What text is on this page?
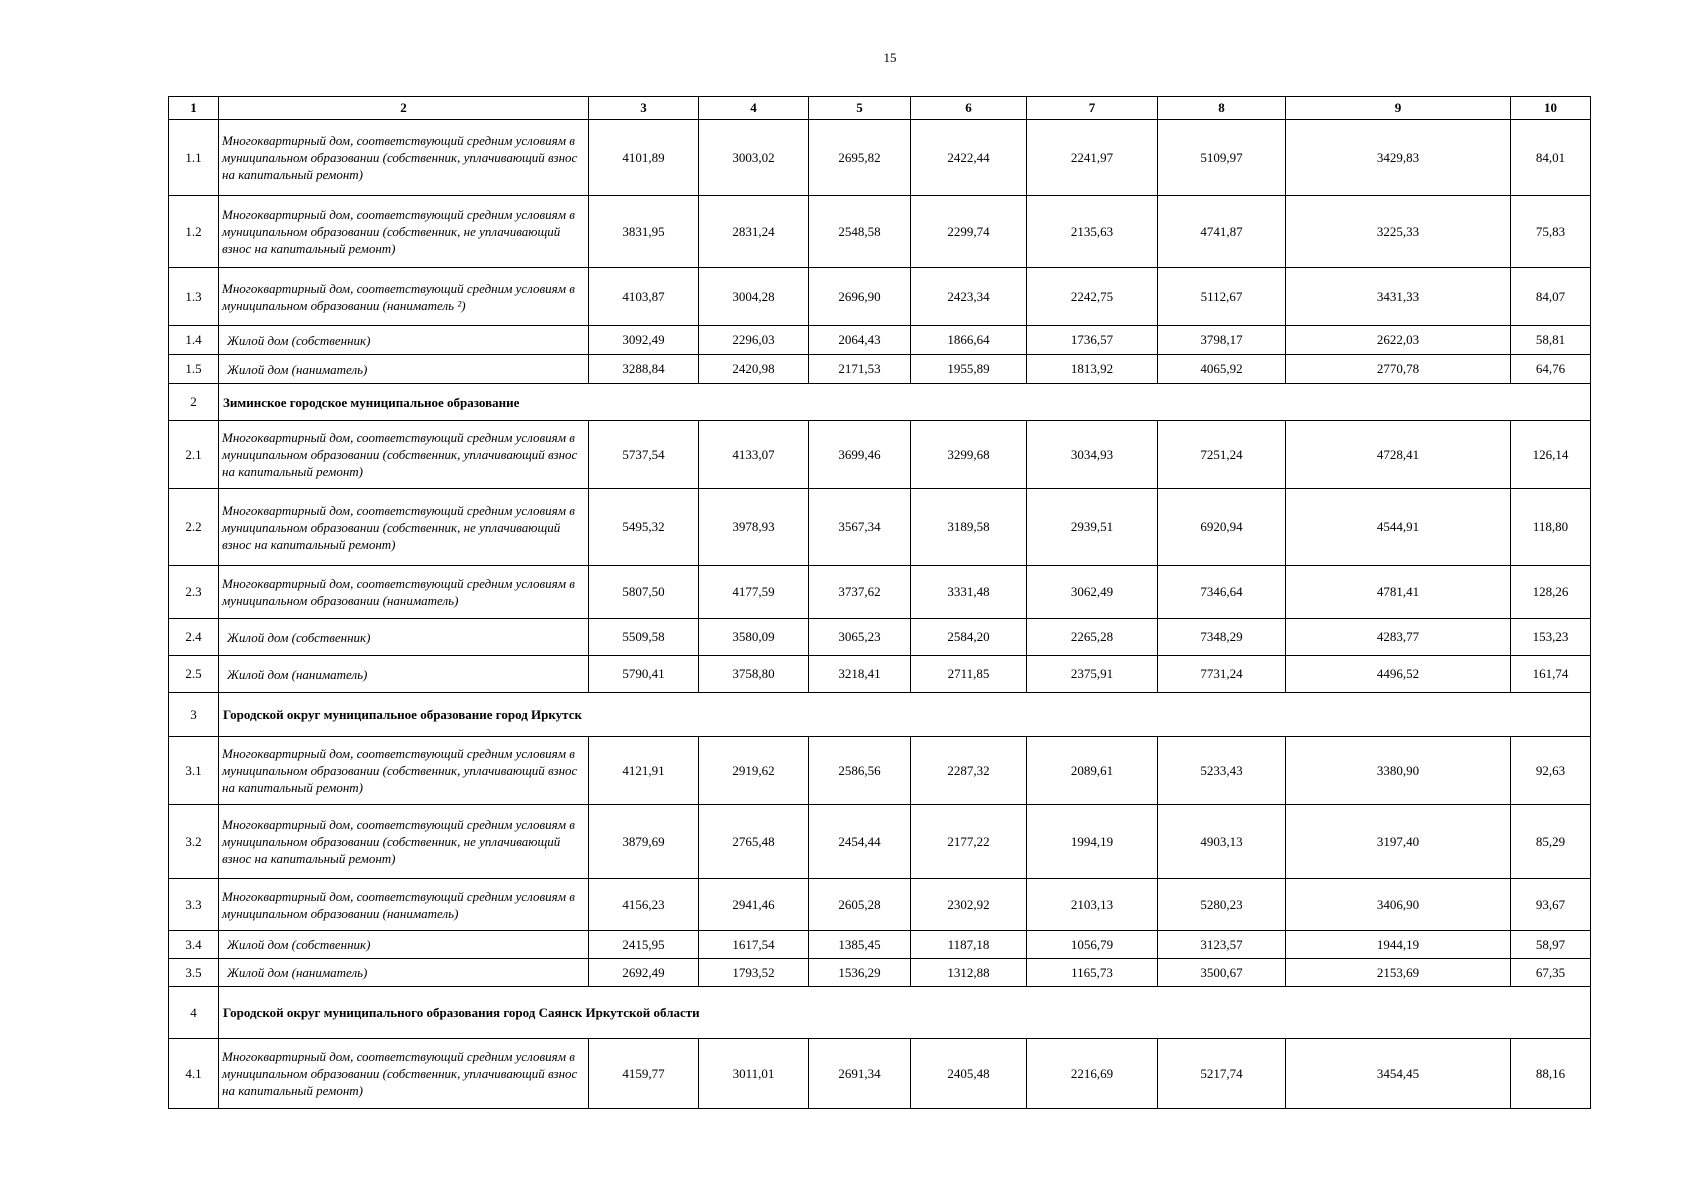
15
1	2	3	4	5	6	7	8	9	10
1.1	Многоквартирный дом, соответствующий средним условиям в муниципальном образовании (собственник, уплачивающий взнос на капитальный ремонт)	4101,89	3003,02	2695,82	2422,44	2241,97	5109,97	3429,83	84,01
1.2	Многоквартирный дом, соответствующий средним условиям в муниципальном образовании (собственник, не уплачивающий взнос на капитальный ремонт)	3831,95	2831,24	2548,58	2299,74	2135,63	4741,87	3225,33	75,83
1.3	Многоквартирный дом, соответствующий средним условиям в муниципальном образовании (наниматель ²)	4103,87	3004,28	2696,90	2423,34	2242,75	5112,67	3431,33	84,07
1.4	Жилой дом (собственник)	3092,49	2296,03	2064,43	1866,64	1736,57	3798,17	2622,03	58,81
1.5	Жилой дом (наниматель)	3288,84	2420,98	2171,53	1955,89	1813,92	4065,92	2770,78	64,76
2	Зиминское городское муниципальное образование								
2.1	Многоквартирный дом, соответствующий средним условиям в муниципальном образовании (собственник, уплачивающий взнос на капитальный ремонт)	5737,54	4133,07	3699,46	3299,68	3034,93	7251,24	4728,41	126,14
2.2	Многоквартирный дом, соответствующий средним условиям в муниципальном образовании (собственник, не уплачивающий взнос на капитальный ремонт)	5495,32	3978,93	3567,34	3189,58	2939,51	6920,94	4544,91	118,80
2.3	Многоквартирный дом, соответствующий средним условиям в муниципальном образовании (наниматель)	5807,50	4177,59	3737,62	3331,48	3062,49	7346,64	4781,41	128,26
2.4	Жилой дом (собственник)	5509,58	3580,09	3065,23	2584,20	2265,28	7348,29	4283,77	153,23
2.5	Жилой дом (наниматель)	5790,41	3758,80	3218,41	2711,85	2375,91	7731,24	4496,52	161,74
3	Городской округ муниципальное образование город Иркутск								
3.1	Многоквартирный дом, соответствующий средним условиям в муниципальном образовании (собственник, уплачивающий взнос на капитальный ремонт)	4121,91	2919,62	2586,56	2287,32	2089,61	5233,43	3380,90	92,63
3.2	Многоквартирный дом, соответствующий средним условиям в муниципальном образовании (собственник, не уплачивающий взнос на капитальный ремонт)	3879,69	2765,48	2454,44	2177,22	1994,19	4903,13	3197,40	85,29
3.3	Многоквартирный дом, соответствующий средним условиям в муниципальном образовании (наниматель)	4156,23	2941,46	2605,28	2302,92	2103,13	5280,23	3406,90	93,67
3.4	Жилой дом (собственник)	2415,95	1617,54	1385,45	1187,18	1056,79	3123,57	1944,19	58,97
3.5	Жилой дом (наниматель)	2692,49	1793,52	1536,29	1312,88	1165,73	3500,67	2153,69	67,35
4	Городской округ муниципального образования город Саянск Иркутской области								
4.1	Многоквартирный дом, соответствующий средним условиям в муниципальном образовании (собственник, уплачивающий взнос на капитальный ремонт)	4159,77	3011,01	2691,34	2405,48	2216,69	5217,74	3454,45	88,16
